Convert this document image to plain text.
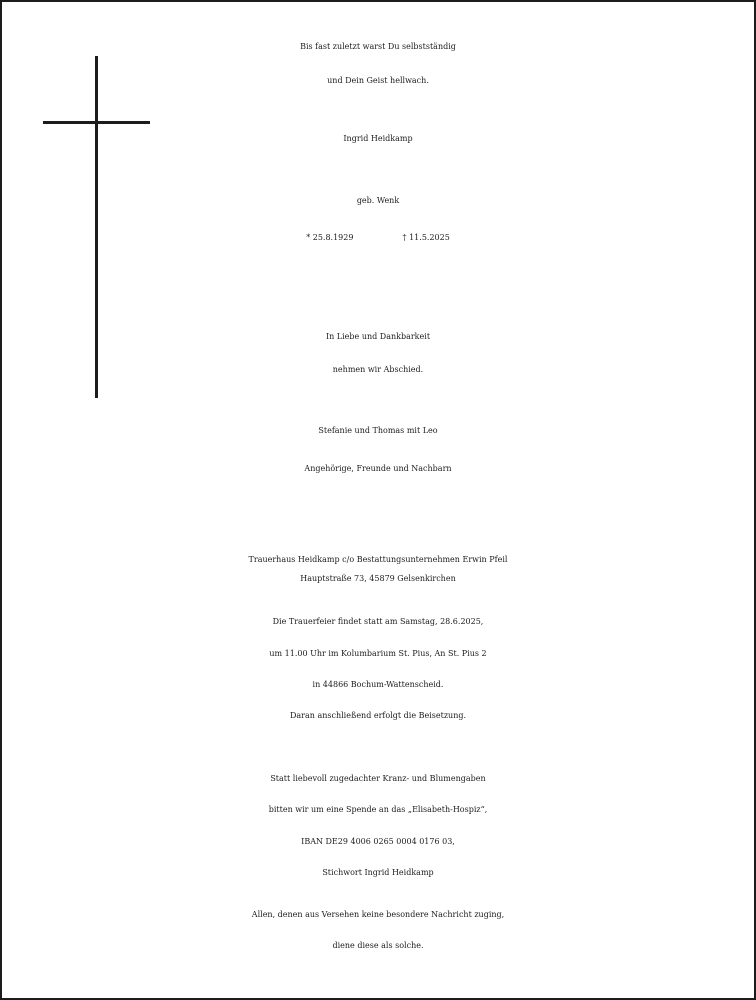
Bis fast zuletzt warst Du selbstständig
und Dein Geist hellwach.
Ingrid Heidkamp
geb. Wenk
* 25.8.1929	† 11.5.2025
In Liebe und Dankbarkeit
nehmen wir Abschied.
Stefanie und Thomas mit Leo
Angehörige, Freunde und Nachbarn
Trauerhaus Heidkamp c/o Bestattungsunternehmen Erwin Pfeil
Hauptstraße 73, 45879 Gelsenkirchen
Die Trauerfeier findet statt am Samstag, 28.6.2025,
um 11.00 Uhr im Kolumbarium St. Pius, An St. Pius 2
in 44866 Bochum-Wattenscheid.
Daran anschließend erfolgt die Beisetzung.
Statt liebevoll zugedachter Kranz- und Blumengaben
bitten wir um eine Spende an das „Elisabeth-Hospiz“,
IBAN DE29 4006 0265 0004 0176 03,
Stichwort Ingrid Heidkamp
Allen, denen aus Versehen keine besondere Nachricht zuging,
diene diese als solche.
